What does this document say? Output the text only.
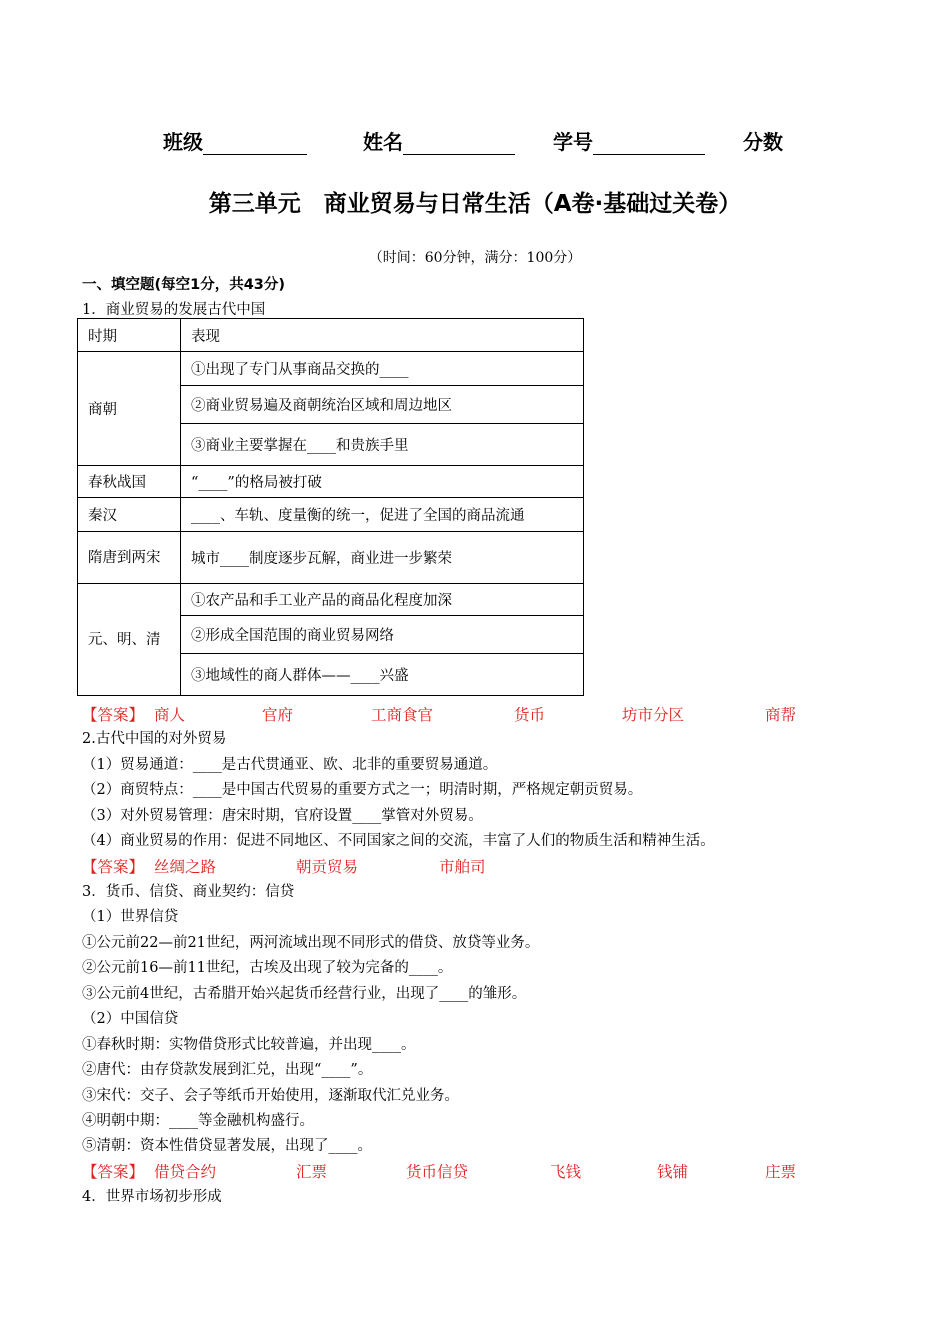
班级	姓名	学号	分数
第三单元　商业贸易与日常生活（A卷·基础过关卷）
（时间：60分钟，满分：100分）
一、填空题(每空1分，共43分)
1．商业贸易的发展古代中国
时期	表现
商朝	①出现了专门从事商品交换的____
	②商业贸易遍及商朝统治区域和周边地区
	③商业主要掌握在____和贵族手里
春秋战国	“____”的格局被打破
秦汉	____、车轨、度量衡的统一，促进了全国的商品流通
隋唐到两宋	城市____制度逐步瓦解，商业进一步繁荣
元、明、清	①农产品和手工业产品的商品化程度加深
	②形成全国范围的商业贸易网络
	③地域性的商人群体——____兴盛
【答案】 商人	官府	工商食官	货币	坊市分区	商帮
2.古代中国的对外贸易
（1）贸易通道：____是古代贯通亚、欧、北非的重要贸易通道。
（2）商贸特点：____是中国古代贸易的重要方式之一；明清时期，严格规定朝贡贸易。
（3）对外贸易管理：唐宋时期，官府设置____掌管对外贸易。
（4）商业贸易的作用：促进不同地区、不同国家之间的交流，丰富了人们的物质生活和精神生活。
【答案】 丝绸之路	朝贡贸易	市舶司
3．货币、信贷、商业契约：信贷
（1）世界信贷
①公元前22—前21世纪，两河流域出现不同形式的借贷、放贷等业务。
②公元前16—前11世纪，古埃及出现了较为完备的____。
③公元前4世纪，古希腊开始兴起货币经营行业，出现了____的雏形。
（2）中国信贷
①春秋时期：实物借贷形式比较普遍，并出现____。
②唐代：由存贷款发展到汇兑，出现“____”。
③宋代：交子、会子等纸币开始使用，逐渐取代汇兑业务。
④明朝中期：____等金融机构盛行。
⑤清朝：资本性借贷显著发展，出现了____。
【答案】 借贷合约	汇票	货币信贷	飞钱	钱铺	庄票
4．世界市场初步形成
